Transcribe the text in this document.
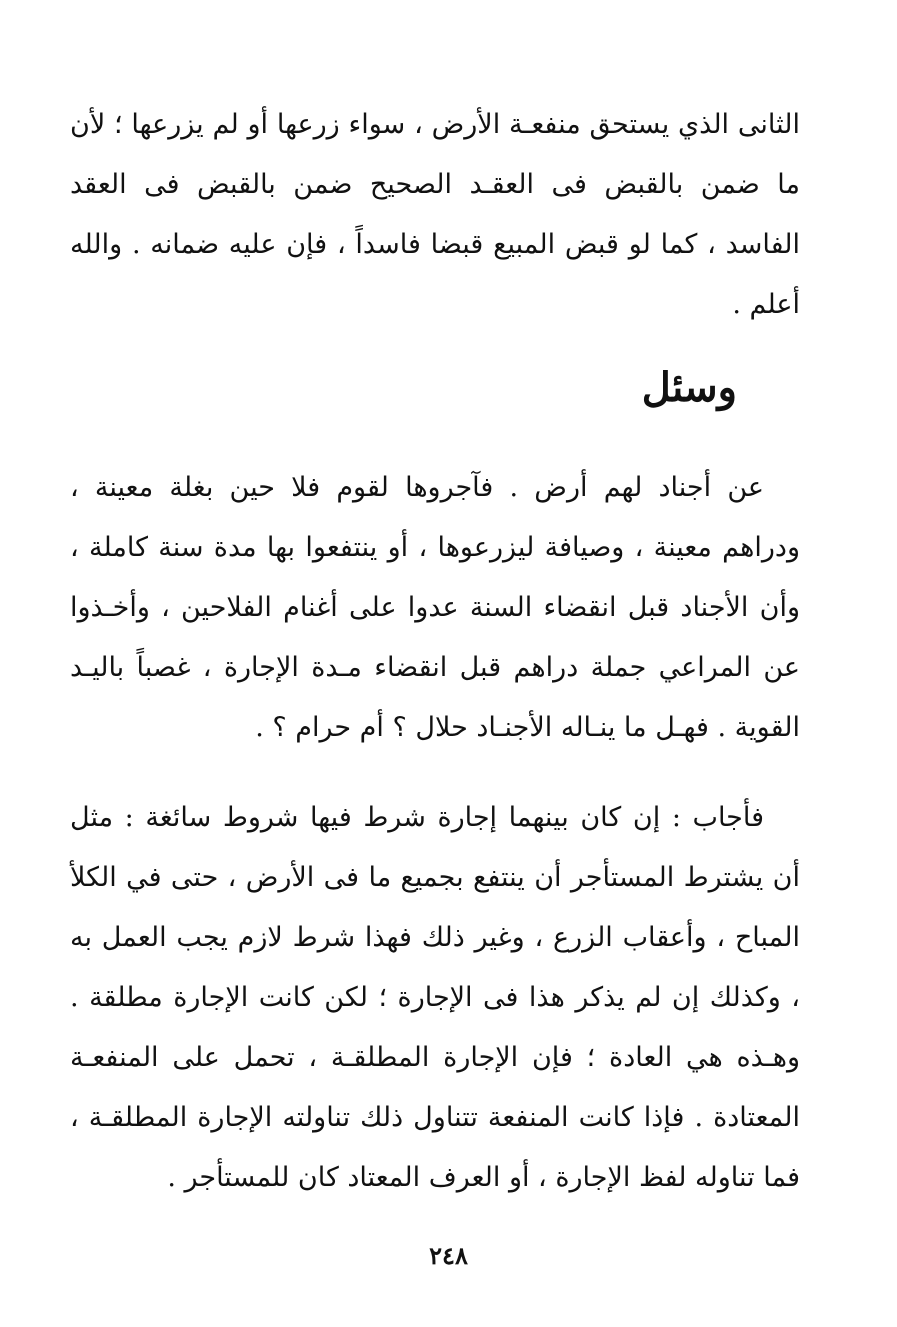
الثانى الذي يستحق منفعـة الأرض ، سواء زرعها أو لم يزرعها ؛ لأن ما ضمن بالقبض فى العقـد الصحيح ضمن بالقبض فى العقد الفاسد ، كما لو قبض المبيع قبضا فاسداً ، فإن عليه ضمانه . والله أعلم .

وسئل

عن أجناد لهم أرض . فآجروها لقوم فلا حين بغلة معينة ، ودراهم معينة ، وصيافة ليزرعوها ، أو ينتفعوا بها مدة سنة كاملة ، وأن الأجناد قبل انقضاء السنة عدوا على أغنام الفلاحين ، وأخـذوا عن المراعي جملة دراهم قبل انقضاء مـدة الإجارة ، غصباً باليـد القوية . فهـل ما ينـاله الأجنـاد حلال ؟ أم حرام ؟ .

فأجاب : إن كان بينهما إجارة شرط فيها شروط سائغة : مثل أن يشترط المستأجر أن ينتفع بجميع ما فى الأرض ، حتى في الكلأ المباح ، وأعقاب الزرع ، وغير ذلك فهذا شرط لازم يجب العمل به ، وكذلك إن لم يذكر هذا فى الإجارة ؛ لكن كانت الإجارة مطلقة . وهـذه هي العادة ؛ فإن الإجارة المطلقـة ، تحمل على المنفعـة المعتادة . فإذا كانت المنفعة تتناول ذلك تناولته الإجارة المطلقـة ، فما تناوله لفظ الإجارة ، أو العرف المعتاد كان للمستأجر .

٢٤٨
